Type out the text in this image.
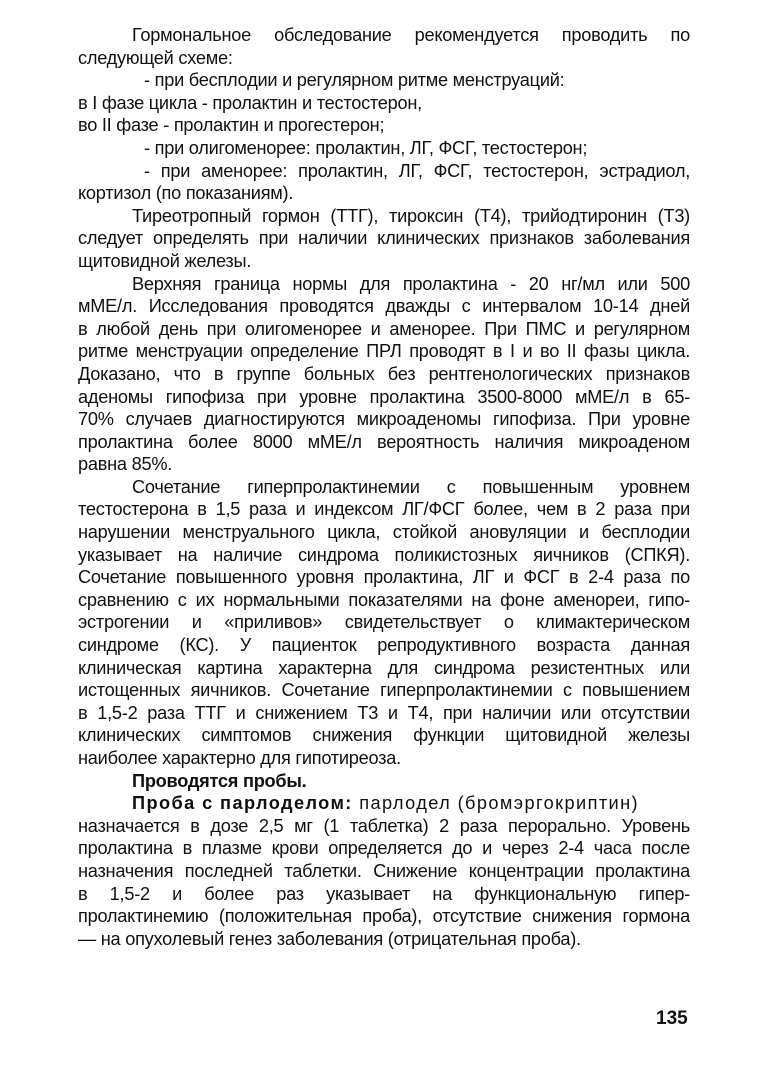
Гормональное обследование рекомендуется проводить по
следующей схеме:
- при бесплодии и регулярном ритме менструаций:
в I фазе цикла - пролактин и тестостерон,
во II фазе - пролактин и прогестерон;
- при олигоменорее: пролактин, ЛГ, ФСГ, тестостерон;
- при аменорее: пролактин, ЛГ, ФСГ, тестостерон, эстрадиол,
кортизол (по показаниям).
Тиреотропный гормон (ТТГ), тироксин (Т4), трийодтиронин (Т3)
следует определять при наличии клинических признаков заболевания
щитовидной железы.
Верхняя граница нормы для пролактина - 20 нг/мл или 500
мМЕ/л. Исследования проводятся дважды с интервалом 10-14 дней
в любой день при олигоменорее и аменорее. При ПМС и регулярном
ритме менструации определение ПРЛ проводят в I и во II фазы цикла.
Доказано, что в группе больных без рентгенологических признаков
аденомы гипофиза при уровне пролактина 3500-8000 мМЕ/л в 65-
70% случаев диагностируются микроаденомы гипофиза. При уровне
пролактина более 8000 мМЕ/л вероятность наличия микроаденом
равна 85%.
Сочетание гиперпролактинемии с повышенным уровнем
тестостерона в 1,5 раза и индексом ЛГ/ФСГ более, чем в 2 раза при
нарушении менструального цикла, стойкой ановуляции и бесплодии
указывает на наличие синдрома поликистозных яичников (СПКЯ).
Сочетание повышенного уровня пролактина, ЛГ и ФСГ в 2-4 раза по
сравнению с их нормальными показателями на фоне аменореи, гипо-
эстрогении и «приливов» свидетельствует о климактерическом
синдроме (КС). У пациенток репродуктивного возраста данная
клиническая картина характерна для синдрома резистентных или
истощенных яичников. Сочетание гиперпролактинемии с повышением
в 1,5-2 раза ТТГ и снижением Т3 и Т4, при наличии или отсутствии
клинических симптомов снижения функции щитовидной железы
наиболее характерно для гипотиреоза.
Проводятся пробы.
Проба с парлоделом: парлодел (бромэргокриптин)
назначается в дозе 2,5 мг (1 таблетка) 2 раза перорально. Уровень
пролактина в плазме крови определяется до и через 2-4 часа после
назначения последней таблетки. Снижение концентрации пролактина
в 1,5-2 и более раз указывает на функциональную гипер-
пролактинемию (положительная проба), отсутствие снижения гормона
— на опухолевый генез заболевания (отрицательная проба).
135
